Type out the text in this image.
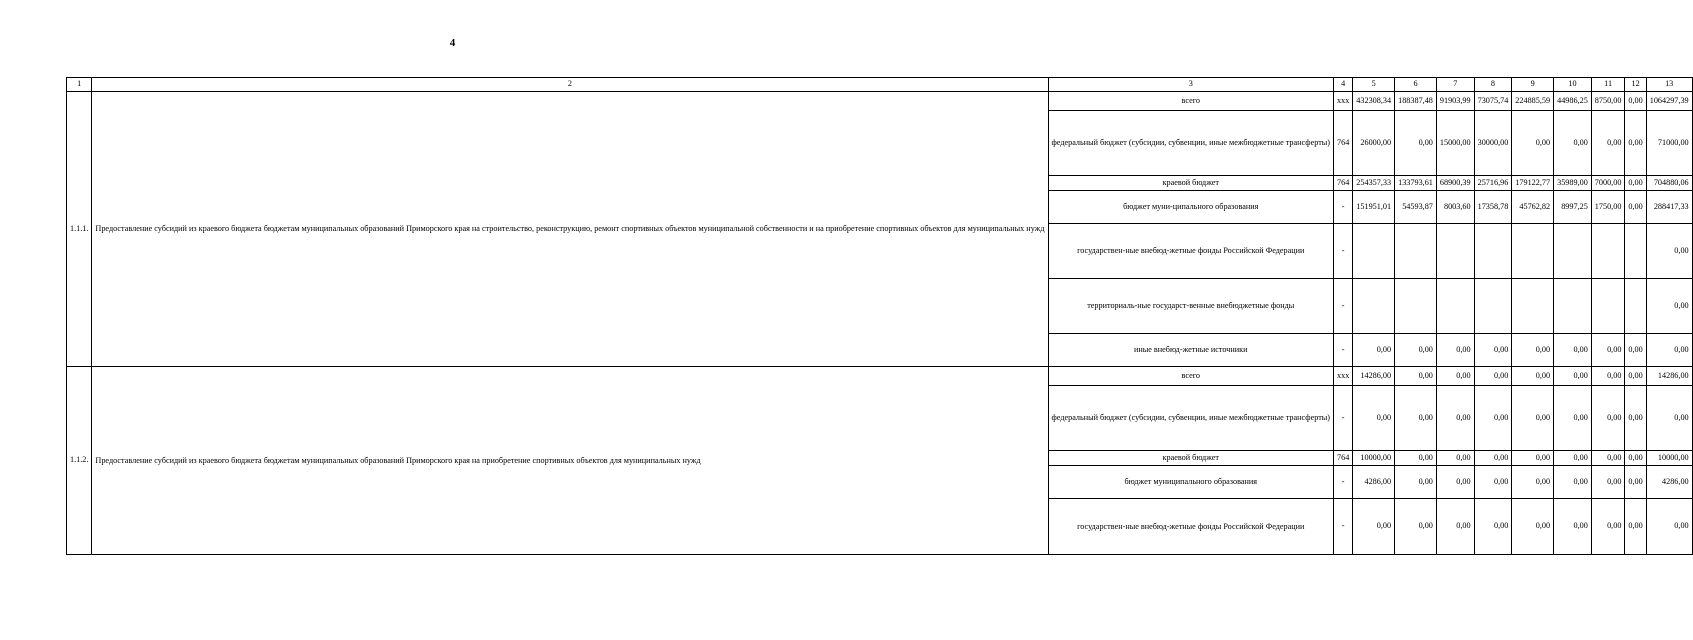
4
1	2	3	4	5	6	7	8	9	10	11	12	13
1.1.1.	Предоставление субсидий из краевого бюджета бюджетам муниципальных образований Приморского края на строительство, реконструкцию, ремонт спортивных объектов муниципальной собственности и на приобретение спортивных объектов для муниципальных нужд	всего	ххх	432308,34	188387,48	91903,99	73075,74	224885,59	44986,25	8750,00	0,00	1064297,39
		федеральный бюджет (субсидии, субвенции, иные межбюджетные трансферты)	764	26000,00	0,00	15000,00	30000,00	0,00	0,00	0,00	0,00	71000,00
		краевой бюджет	764	254357,33	133793,61	68900,39	25716,96	179122,77	35989,00	7000,00	0,00	704880,06
		бюджет муни-ципального образования	-	151951,01	54593,87	8003,60	17358,78	45762,82	8997,25	1750,00	0,00	288417,33
		государствен-ные внебюд-жетные фонды Российской Федерации	-									0,00
		территориаль-ные государст-венные внебюджетные фонды	-									0,00
		иные внебюд-жетные источники	-	0,00	0,00	0,00	0,00	0,00	0,00	0,00	0,00	0,00
1.1.2.	Предоставление субсидий из краевого бюджета бюджетам муниципальных образований Приморского края на приобретение спортивных объектов для муниципальных нужд	всего	ххх	14286,00	0,00	0,00	0,00	0,00	0,00	0,00	0,00	14286,00
		федеральный бюджет (субсидии, субвенции, иные межбюджетные трансферты)	-	0,00	0,00	0,00	0,00	0,00	0,00	0,00	0,00	0,00
		краевой бюджет	764	10000,00	0,00	0,00	0,00	0,00	0,00	0,00	0,00	10000,00
		бюджет муниципального образования	-	4286,00	0,00	0,00	0,00	0,00	0,00	0,00	0,00	4286,00
		государствен-ные внебюд-жетные фонды Российской Федерации	-	0,00	0,00	0,00	0,00	0,00	0,00	0,00	0,00	0,00
